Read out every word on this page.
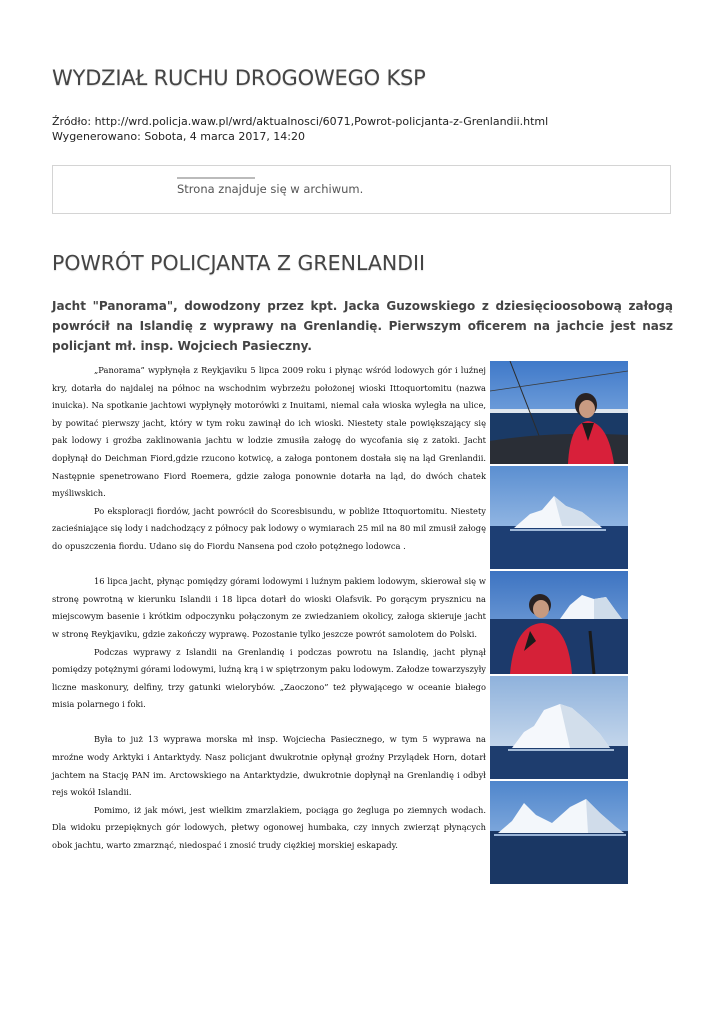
WYDZIAŁ RUCHU DROGOWEGO KSP
Źródło: http://wrd.policja.waw.pl/wrd/aktualnosci/6071,Powrot-policjanta-z-Grenlandii.html
Wygenerowano: Sobota, 4 marca 2017, 14:20
Strona znajduje się w archiwum.
POWRÓT POLICJANTA Z GRENLANDII

Jacht "Panorama", dowodzony przez kpt. Jacka Guzowskiego z dziesięcioosobową załogą powrócił na Islandię z wyprawy na Grenlandię. Pierwszym oficerem na jachcie jest nasz policjant mł. insp. Wojciech Pasieczny.

„Panorama” wypłynęła z Reykjaviku 5 lipca 2009 roku i płynąc wśród lodowych gór i luźnej kry, dotarła do najdalej na północ na wschodnim wybrzeżu położonej wioski Ittoquortomitu (nazwa inuicka). Na spotkanie jachtowi wypłynęły motorówki z Inuitami, niemal cała wioska wyległa na ulice, by powitać pierwszy jacht, który w tym roku zawinął do ich wioski. Niestety stale powiększający się pak lodowy i groźba zaklinowania jachtu w lodzie zmusiła załogę do wycofania się z zatoki. Jacht dopłynął do Deichman Fiord,gdzie rzucono kotwicę, a załoga pontonem dostała się na ląd Grenlandii. Następnie spenetrowano Fiord Roemera, gdzie załoga ponownie dotarła na ląd, do dwóch chatek myśliwskich.

Po eksploracji fiordów, jacht powrócił do Scoresbisundu, w pobliże Ittoquortomitu. Niestety zacieśniające się lody i nadchodzący z północy pak lodowy o wymiarach 25 mil na 80 mil zmusił załogę do opuszczenia fiordu. Udano się do Fiordu Nansena pod czoło potężnego lodowca .

16 lipca jacht, płynąc pomiędzy górami lodowymi i luźnym pakiem lodowym, skierował się w stronę powrotną w kierunku Islandii i 18 lipca dotarł do wioski Olafsvik. Po gorącym prysznicu na miejscowym basenie i krótkim odpoczynku połączonym ze zwiedzaniem okolicy, załoga skieruje jacht w stronę Reykjaviku, gdzie zakończy wyprawę. Pozostanie tylko jeszcze powrót samolotem do Polski.

Podczas wyprawy z Islandii na Grenlandię i podczas powrotu na Islandię, jacht płynął pomiędzy potężnymi górami lodowymi, luźną krą i w spiętrzonym paku lodowym. Załodze towarzyszyły liczne maskonury, delfiny, trzy gatunki wielorybów. „Zaoczono” też pływającego w oceanie białego misia polarnego i foki.

Była to już 13 wyprawa morska mł insp. Wojciecha Pasiecznego, w tym 5 wyprawa na mroźne wody Arktyki i Antarktydy. Nasz policjant dwukrotnie opłynął groźny Przylądek Horn, dotarł jachtem na Stację PAN im. Arctowskiego na Antarktydzie, dwukrotnie dopłynął na Grenlandię i odbył rejs wokół Islandii.

Pomimo, iż jak mówi, jest wielkim zmarzlakiem, pociąga go żegluga po ziemnych wodach. Dla widoku przepięknych gór lodowych, płetwy ogonowej humbaka, czy innych zwierząt płynących obok jachtu, warto zmarznąć, niedospać i znosić trudy ciężkiej morskiej eskapady.
